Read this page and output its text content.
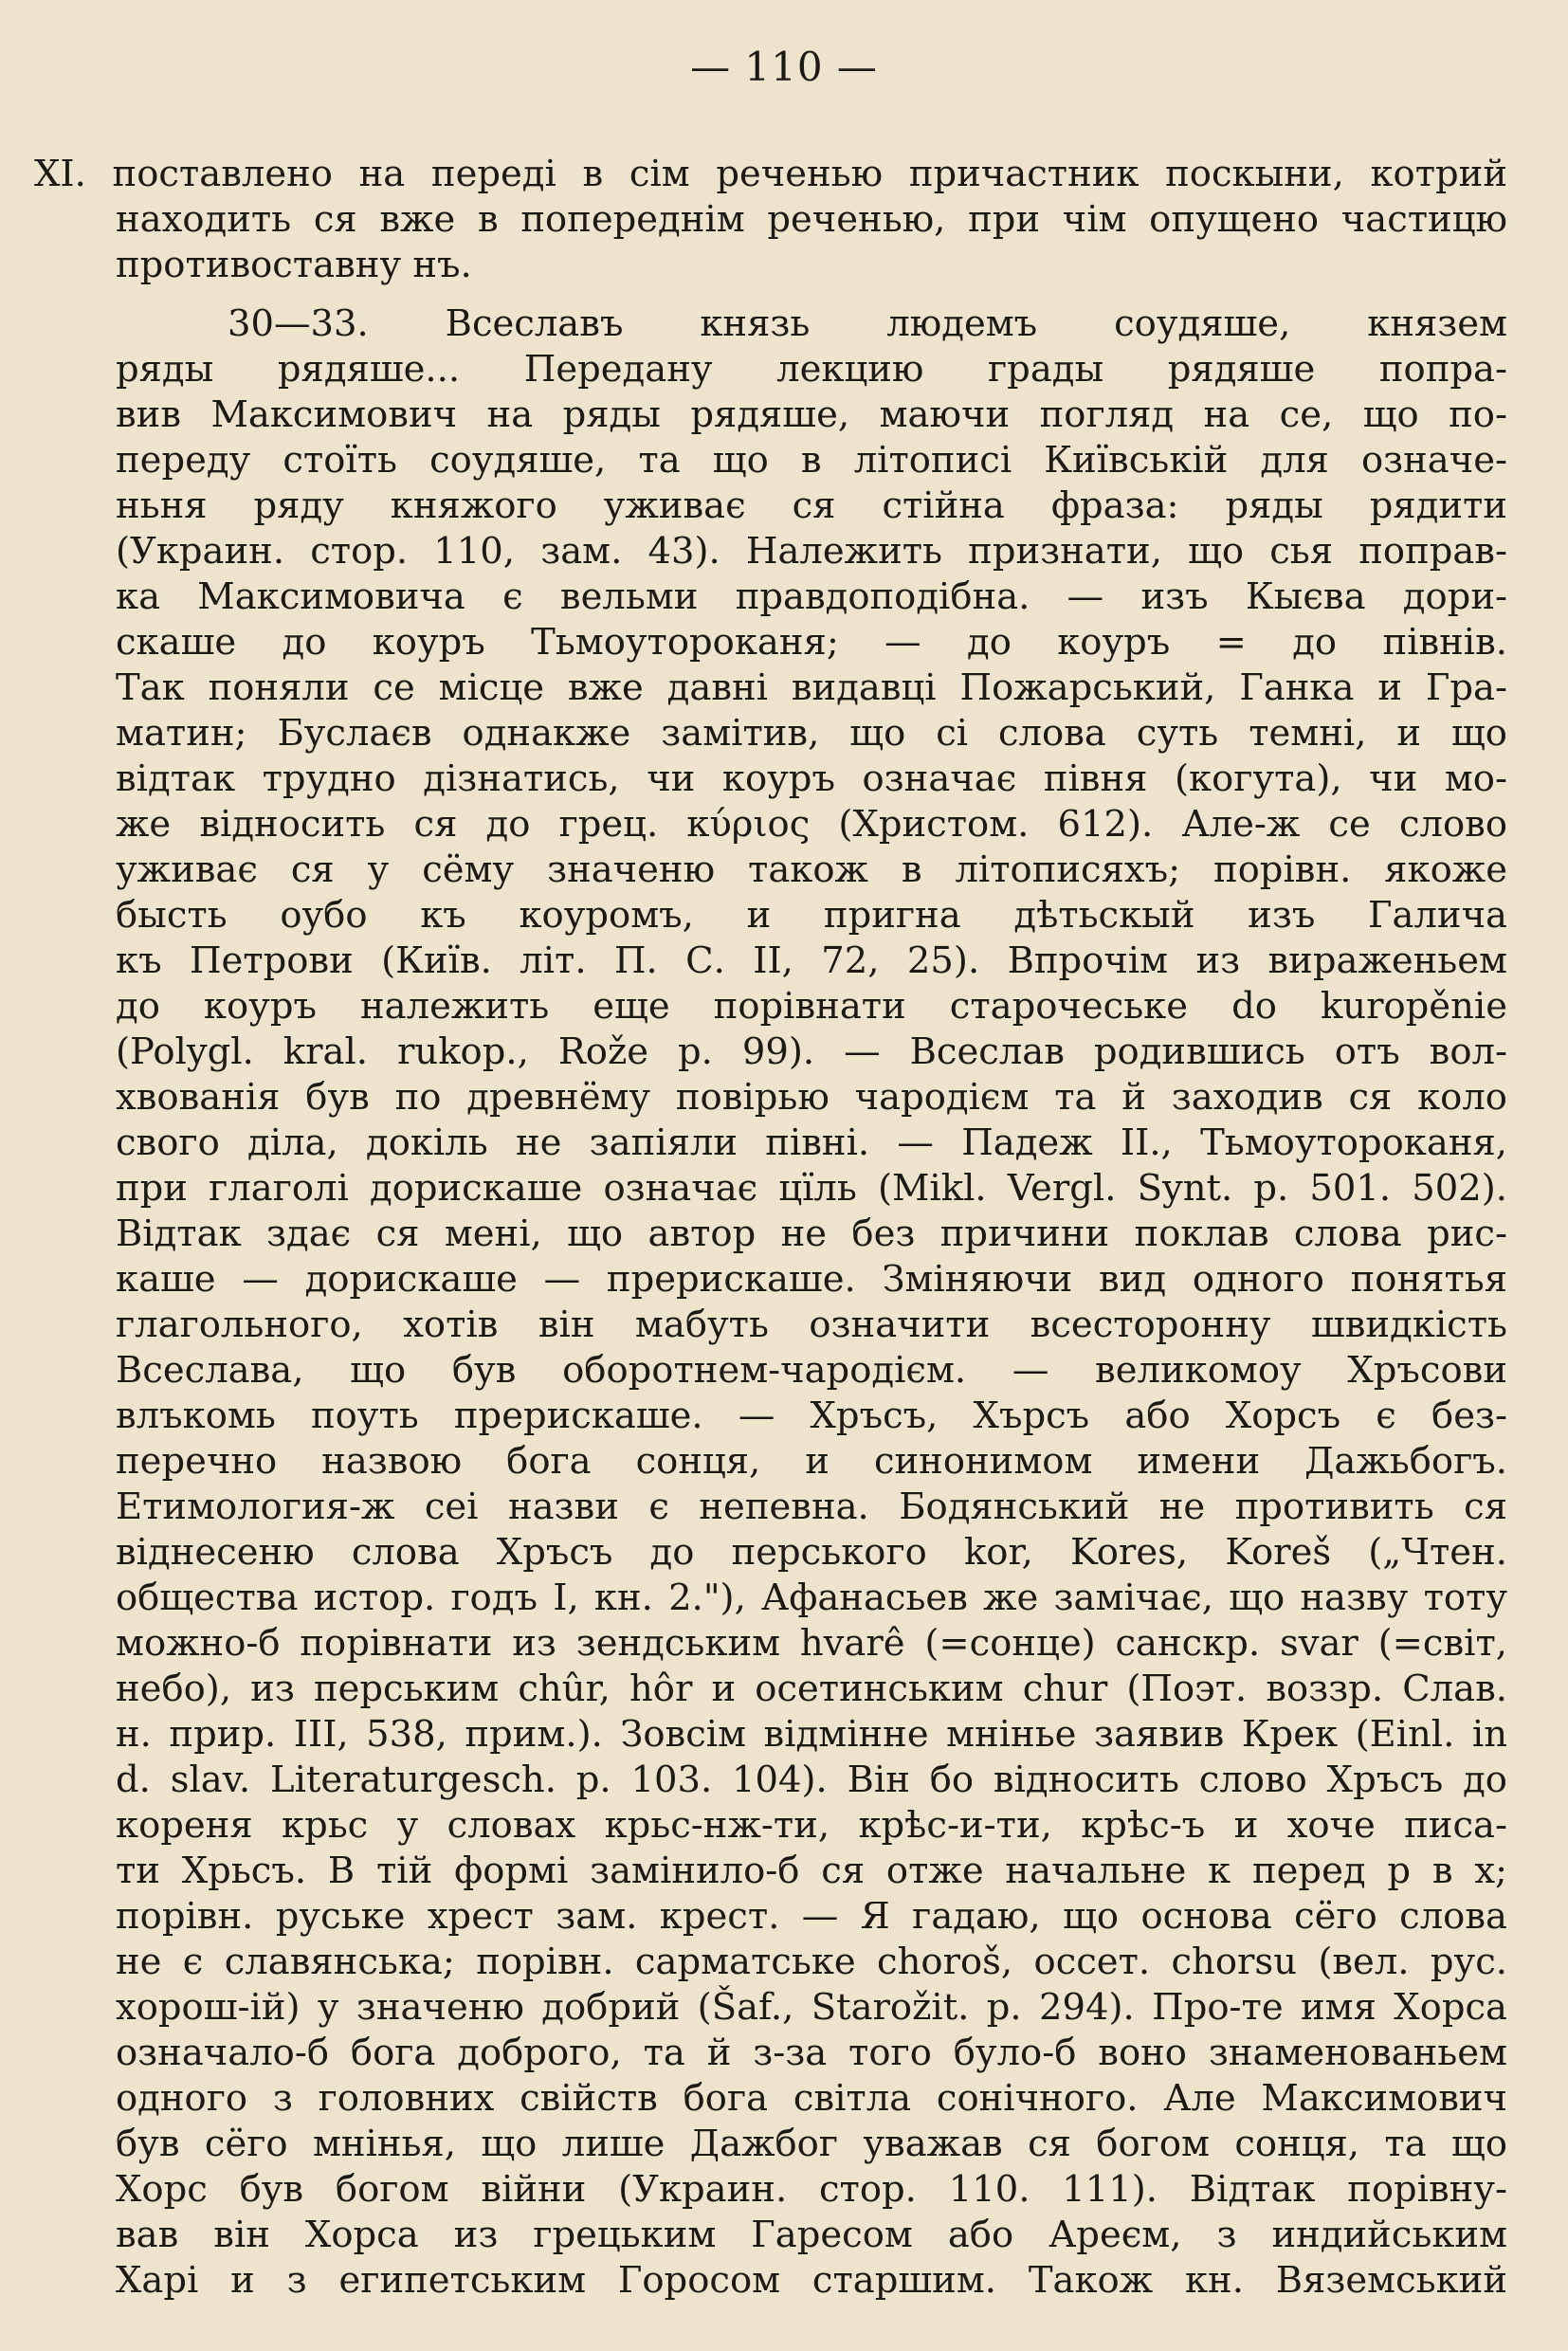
— 110 —
XI. поставлено на переді в сім реченью причастник поскыни, котрий
находить ся вже в попереднім реченью, при чім опущено частицю
противоставну нъ.
30—33. Всеславъ князь людемъ соудяше, князем
ряды рядяше... Передану лекцию грады рядяше попра-
вив Максимович на ряды рядяше, маючи погляд на се, що по-
переду стоїть соудяше, та що в літописі Київській для означе-
ньня ряду княжого уживає ся стійна фраза: ряды рядити
(Украин. стор. 110, зам. 43). Належить признати, що сья поправ-
ка Максимовича є вельми правдоподібна. — изъ Кыєва дори-
скаше до коуръ Тьмоутороканя; — до коуръ = до півнів.
Так поняли се місце вже давні видавці Пожарський, Ганка и Гра-
матин; Буслаєв однакже замітив, що сі слова суть темні, и що
відтак трудно дізнатись, чи коуръ означає півня (когута), чи мо-
же відносить ся до грец. κύριος (Христом. 612). Але-ж се слово
уживає ся у сёму значеню також в літописяхъ; порівн. якоже
бысть оубо къ коуромъ, и пригна дѣтьскый изъ Галича
къ Петрови (Київ. літ. П. С. II, 72, 25). Впрочім из вираженьем
до коуръ належить еще порівнати старочеське do kuropěnie
(Polygl. kral. rukop., Rože p. 99). — Всеслав родившись отъ вол-
хвованія був по древнёму повірью чародієм та й заходив ся коло
свого діла, докіль не запіяли півні. — Падеж II., Тьмоутороканя,
при глаголі дорискаше означає цїль (Mikl. Vergl. Synt. p. 501. 502).
Відтак здає ся мені, що автор не без причини поклав слова рис-
каше — дорискаше — прерискаше. Зміняючи вид одного понятья
глагольного, хотів він мабуть означити всесторонну швидкість
Всеслава, що був оборотнем-чародієм. — великомоу Хръсови
влъкомь поуть прерискаше. — Хръсъ, Хърсъ або Хорсъ є без-
перечно назвою бога сонця, и синонимом имени Дажьбогъ.
Етимология-ж сеі назви є непевна. Бодянський не противить ся
віднесеню слова Хръсъ до перського kor, Kores, Koreš („Чтен.
общества истор. годъ I, кн. 2."), Афанасьев же замічає, що назву тоту
можно-б порівнати из зендським hvarê (=сонце) санскр. svar (=світ,
небо), из перським chûr, hôr и осетинським chur (Поэт. воззр. Слав.
н. прир. III, 538, прим.). Зовсім відмінне мнінье заявив Крек (Einl. in
d. slav. Literaturgesch. p. 103. 104). Він бо відносить слово Хръсъ до
кореня крьс у словах крьс-нж-ти, крѣс-и-ти, крѣс-ъ и хоче писа-
ти Хрьсъ. В тій формі замінило-б ся отже начальне к перед р в х;
порівн. руське хрест зам. крест. — Я гадаю, що основа сёго слова
не є славянська; порівн. сарматське choroš, оссет. chorsu (вел. рус.
хорош-ій) у значеню добрий (Šaf., Starožit. p. 294). Про-те имя Хорса
означало-б бога доброго, та й з-за того було-б воно знаменованьем
одного з головних свійств бога світла сонічного. Але Максимович
був сёго мнінья, що лише Дажбог уважав ся богом сонця, та що
Хорс був богом війни (Украин. стор. 110. 111). Відтак порівну-
вав він Хорса из грецьким Гаресом або Ареєм, з индийським
Харі и з египетським Горосом старшим. Також кн. Вяземський
